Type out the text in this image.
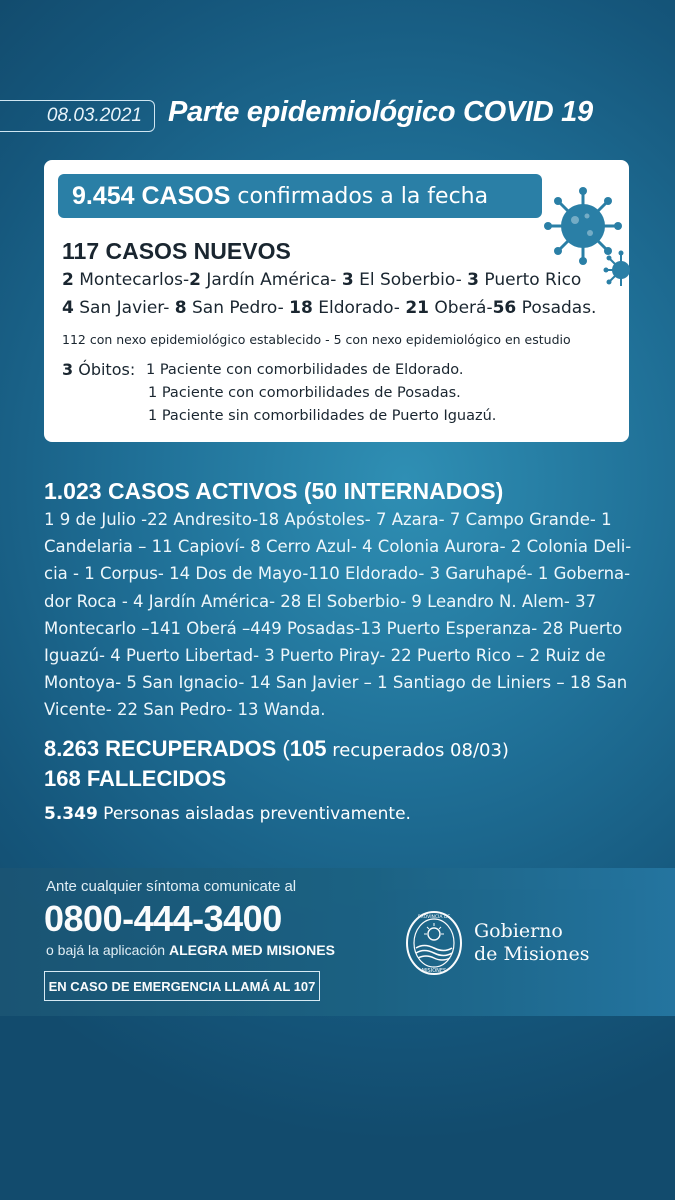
08.03.2021 Parte epidemiológico COVID 19
9.454 CASOS confirmados a la fecha
117 CASOS NUEVOS
2 Montecarlos-2 Jardín América- 3 El Soberbio- 3 Puerto Rico
4 San Javier- 8 San Pedro- 18 Eldorado- 21 Oberá-56 Posadas.
112 con nexo epidemiológico establecido - 5 con nexo epidemiológico en estudio
3 Óbitos: 1 Paciente con comorbilidades de Eldorado.
1 Paciente con comorbilidades de Posadas.
1 Paciente sin comorbilidades de Puerto Iguazú.
1.023 CASOS ACTIVOS (50 INTERNADOS)
1 9 de Julio -22 Andresito-18 Apóstoles- 7 Azara- 7 Campo Grande- 1
Candelaria – 11 Capioví- 8 Cerro Azul- 4 Colonia Aurora- 2 Colonia Deli-
cia - 1 Corpus- 14 Dos de Mayo-110 Eldorado- 3 Garuhapé- 1 Goberna-
dor Roca - 4 Jardín América- 28 El Soberbio- 9 Leandro N. Alem- 37
Montecarlo –141 Oberá –449 Posadas-13 Puerto Esperanza- 28 Puerto
Iguazú- 4 Puerto Libertad- 3 Puerto Piray- 22 Puerto Rico – 2 Ruiz de
Montoya- 5 San Ignacio- 14 San Javier – 1 Santiago de Liniers – 18 San
Vicente- 22 San Pedro- 13 Wanda.
8.263 RECUPERADOS (105 recuperados 08/03)
168 FALLECIDOS
5.349 Personas aisladas preventivamente.
Ante cualquier síntoma comunicate al
0800-444-3400
o bajá la aplicación ALEGRA MED MISIONES
EN CASO DE EMERGENCIA LLAMÁ AL 107
PROVINCIA DE
MISIONES
Gobierno
de Misiones
